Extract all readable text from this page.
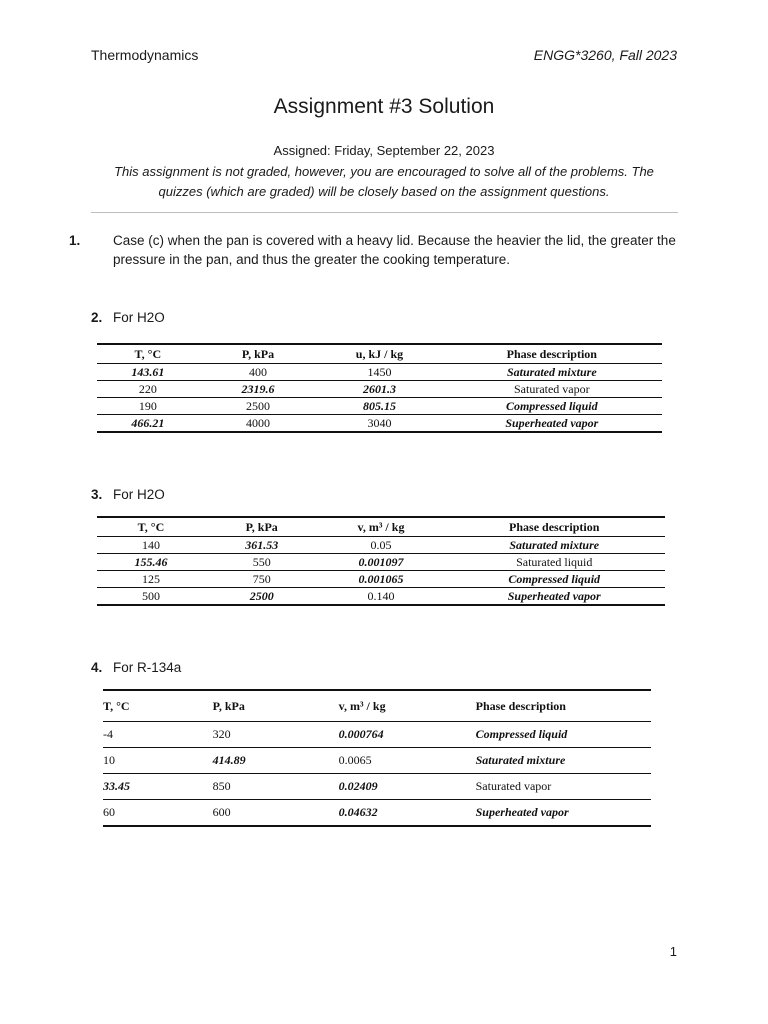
Thermodynamics	ENGG*3260, Fall 2023
Assignment #3 Solution
Assigned: Friday, September 22, 2023
This assignment is not graded, however, you are encouraged to solve all of the problems. The quizzes (which are graded) will be closely based on the assignment questions.
1. Case (c) when the pan is covered with a heavy lid. Because the heavier the lid, the greater the pressure in the pan, and thus the greater the cooking temperature.
2. For H2O
T, °C	P, kPa	u, kJ / kg	Phase description
143.61	400	1450	Saturated mixture
220	2319.6	2601.3	Saturated vapor
190	2500	805.15	Compressed liquid
466.21	4000	3040	Superheated vapor
3. For H2O
T, °C	P, kPa	v, m³ / kg	Phase description
140	361.53	0.05	Saturated mixture
155.46	550	0.001097	Saturated liquid
125	750	0.001065	Compressed liquid
500	2500	0.140	Superheated vapor
4. For R-134a
T, °C	P, kPa	v, m³ / kg	Phase description
-4	320	0.000764	Compressed liquid
10	414.89	0.0065	Saturated mixture
33.45	850	0.02409	Saturated vapor
60	600	0.04632	Superheated vapor
1
